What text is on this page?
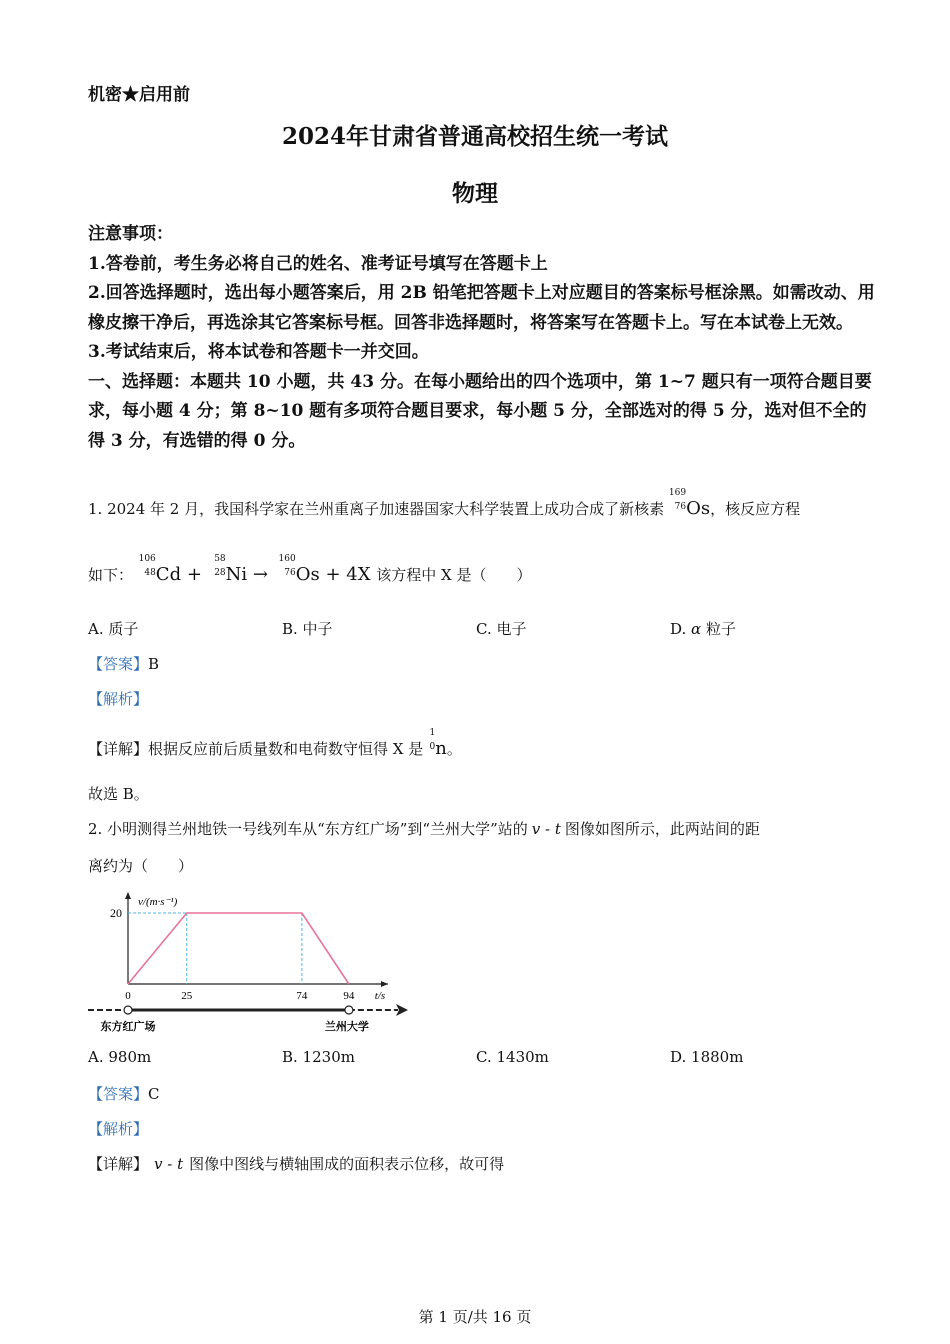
机密★启用前
2024年甘肃省普通高校招生统一考试
物理

注意事项：

1.答卷前，考生务必将自己的姓名、准考证号填写在答题卡上

2.回答选择题时，选出每小题答案后，用 2B 铅笔把答题卡上对应题目的答案标号框涂黑。如需改动、用橡皮擦干净后，再选涂其它答案标号框。回答非选择题时，将答案写在答题卡上。写在本试卷上无效。

3.考试结束后，将本试卷和答题卡一并交回。

一、选择题：本题共 10 小题，共 43 分。在每小题给出的四个选项中，第 1~7 题只有一项符合题目要求，每小题 4 分；第 8~10 题有多项符合题目要求，每小题 5 分，全部选对的得 5 分，选对但不全的得 3 分，有选错的得 0 分。

1. 2024 年 2 月，我国科学家在兰州重离子加速器国家大科学装置上成功合成了新核素
169
76 Os，核反应方程
如下：
106
48 Cd +
58
28 Ni →
160
76 Os + 4X 该方程中 X 是（　　）
A. 质子	B. 中子	C. 电子	D. α 粒子
【答案】B
【解析】
【详解】根据反应前后质量数和电荷数守恒得 X 是
1
0 n。
故选 B。
2. 小明测得兰州地铁一号线列车从“东方红广场”到“兰州大学”站的 v - t 图像如图所示，此两站间的距
离约为（　　）
v/(m·s⁻¹)
20
0	25	74	94 t/s
东方红广场	兰州大学
A. 980m	B. 1230m	C. 1430m	D. 1880m
【答案】C
【解析】
【详解】 v - t 图像中图线与横轴围成的面积表示位移，故可得
第 1 页/共 16 页
